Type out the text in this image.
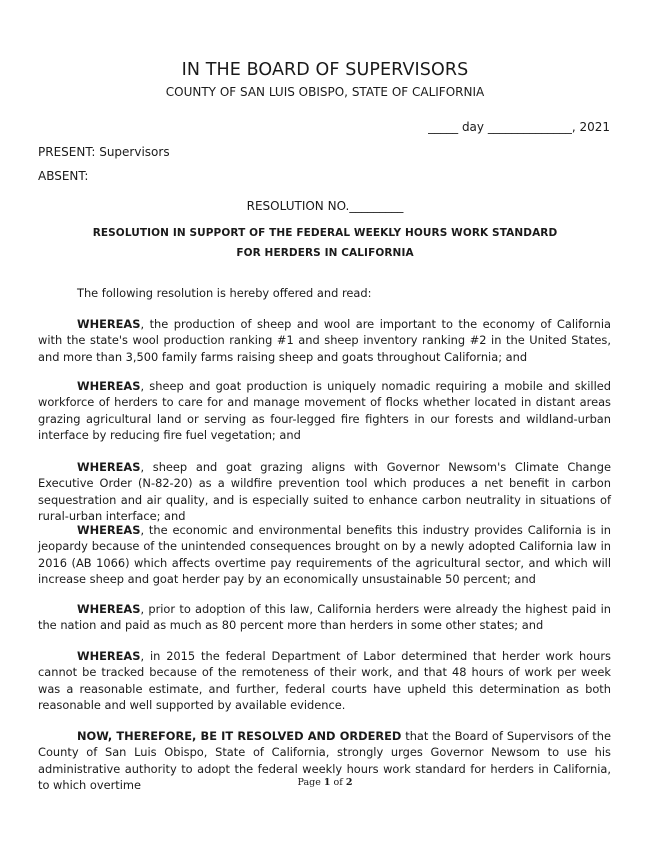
IN THE BOARD OF SUPERVISORS

COUNTY OF SAN LUIS OBISPO, STATE OF CALIFORNIA

_____ day ______________, 2021

PRESENT: Supervisors

ABSENT:

RESOLUTION NO._________

RESOLUTION IN SUPPORT OF THE FEDERAL WEEKLY HOURS WORK STANDARD

FOR HERDERS IN CALIFORNIA

The following resolution is hereby offered and read:

WHEREAS, the production of sheep and wool are important to the economy of California with the state's wool production ranking #1 and sheep inventory ranking #2 in the United States, and more than 3,500 family farms raising sheep and goats throughout California; and

WHEREAS, sheep and goat production is uniquely nomadic requiring a mobile and skilled workforce of herders to care for and manage movement of flocks whether located in distant areas grazing agricultural land or serving as four-legged fire fighters in our forests and wildland-urban interface by reducing fire fuel vegetation; and

WHEREAS, sheep and goat grazing aligns with Governor Newsom's Climate Change Executive Order (N-82-20) as a wildfire prevention tool which produces a net benefit in carbon sequestration and air quality, and is especially suited to enhance carbon neutrality in situations of rural-urban interface; and

WHEREAS, the economic and environmental benefits this industry provides California is in jeopardy because of the unintended consequences brought on by a newly adopted California law in 2016 (AB 1066) which affects overtime pay requirements of the agricultural sector, and which will increase sheep and goat herder pay by an economically unsustainable 50 percent; and

WHEREAS, prior to adoption of this law, California herders were already the highest paid in the nation and paid as much as 80 percent more than herders in some other states; and

WHEREAS, in 2015 the federal Department of Labor determined that herder work hours cannot be tracked because of the remoteness of their work, and that 48 hours of work per week was a reasonable estimate, and further, federal courts have upheld this determination as both reasonable and well supported by available evidence.

NOW, THEREFORE, BE IT RESOLVED AND ORDERED that the Board of Supervisors of the County of San Luis Obispo, State of California, strongly urges Governor Newsom to use his administrative authority to adopt the federal weekly hours work standard for herders in California, to which overtime	Page 1 of 2
